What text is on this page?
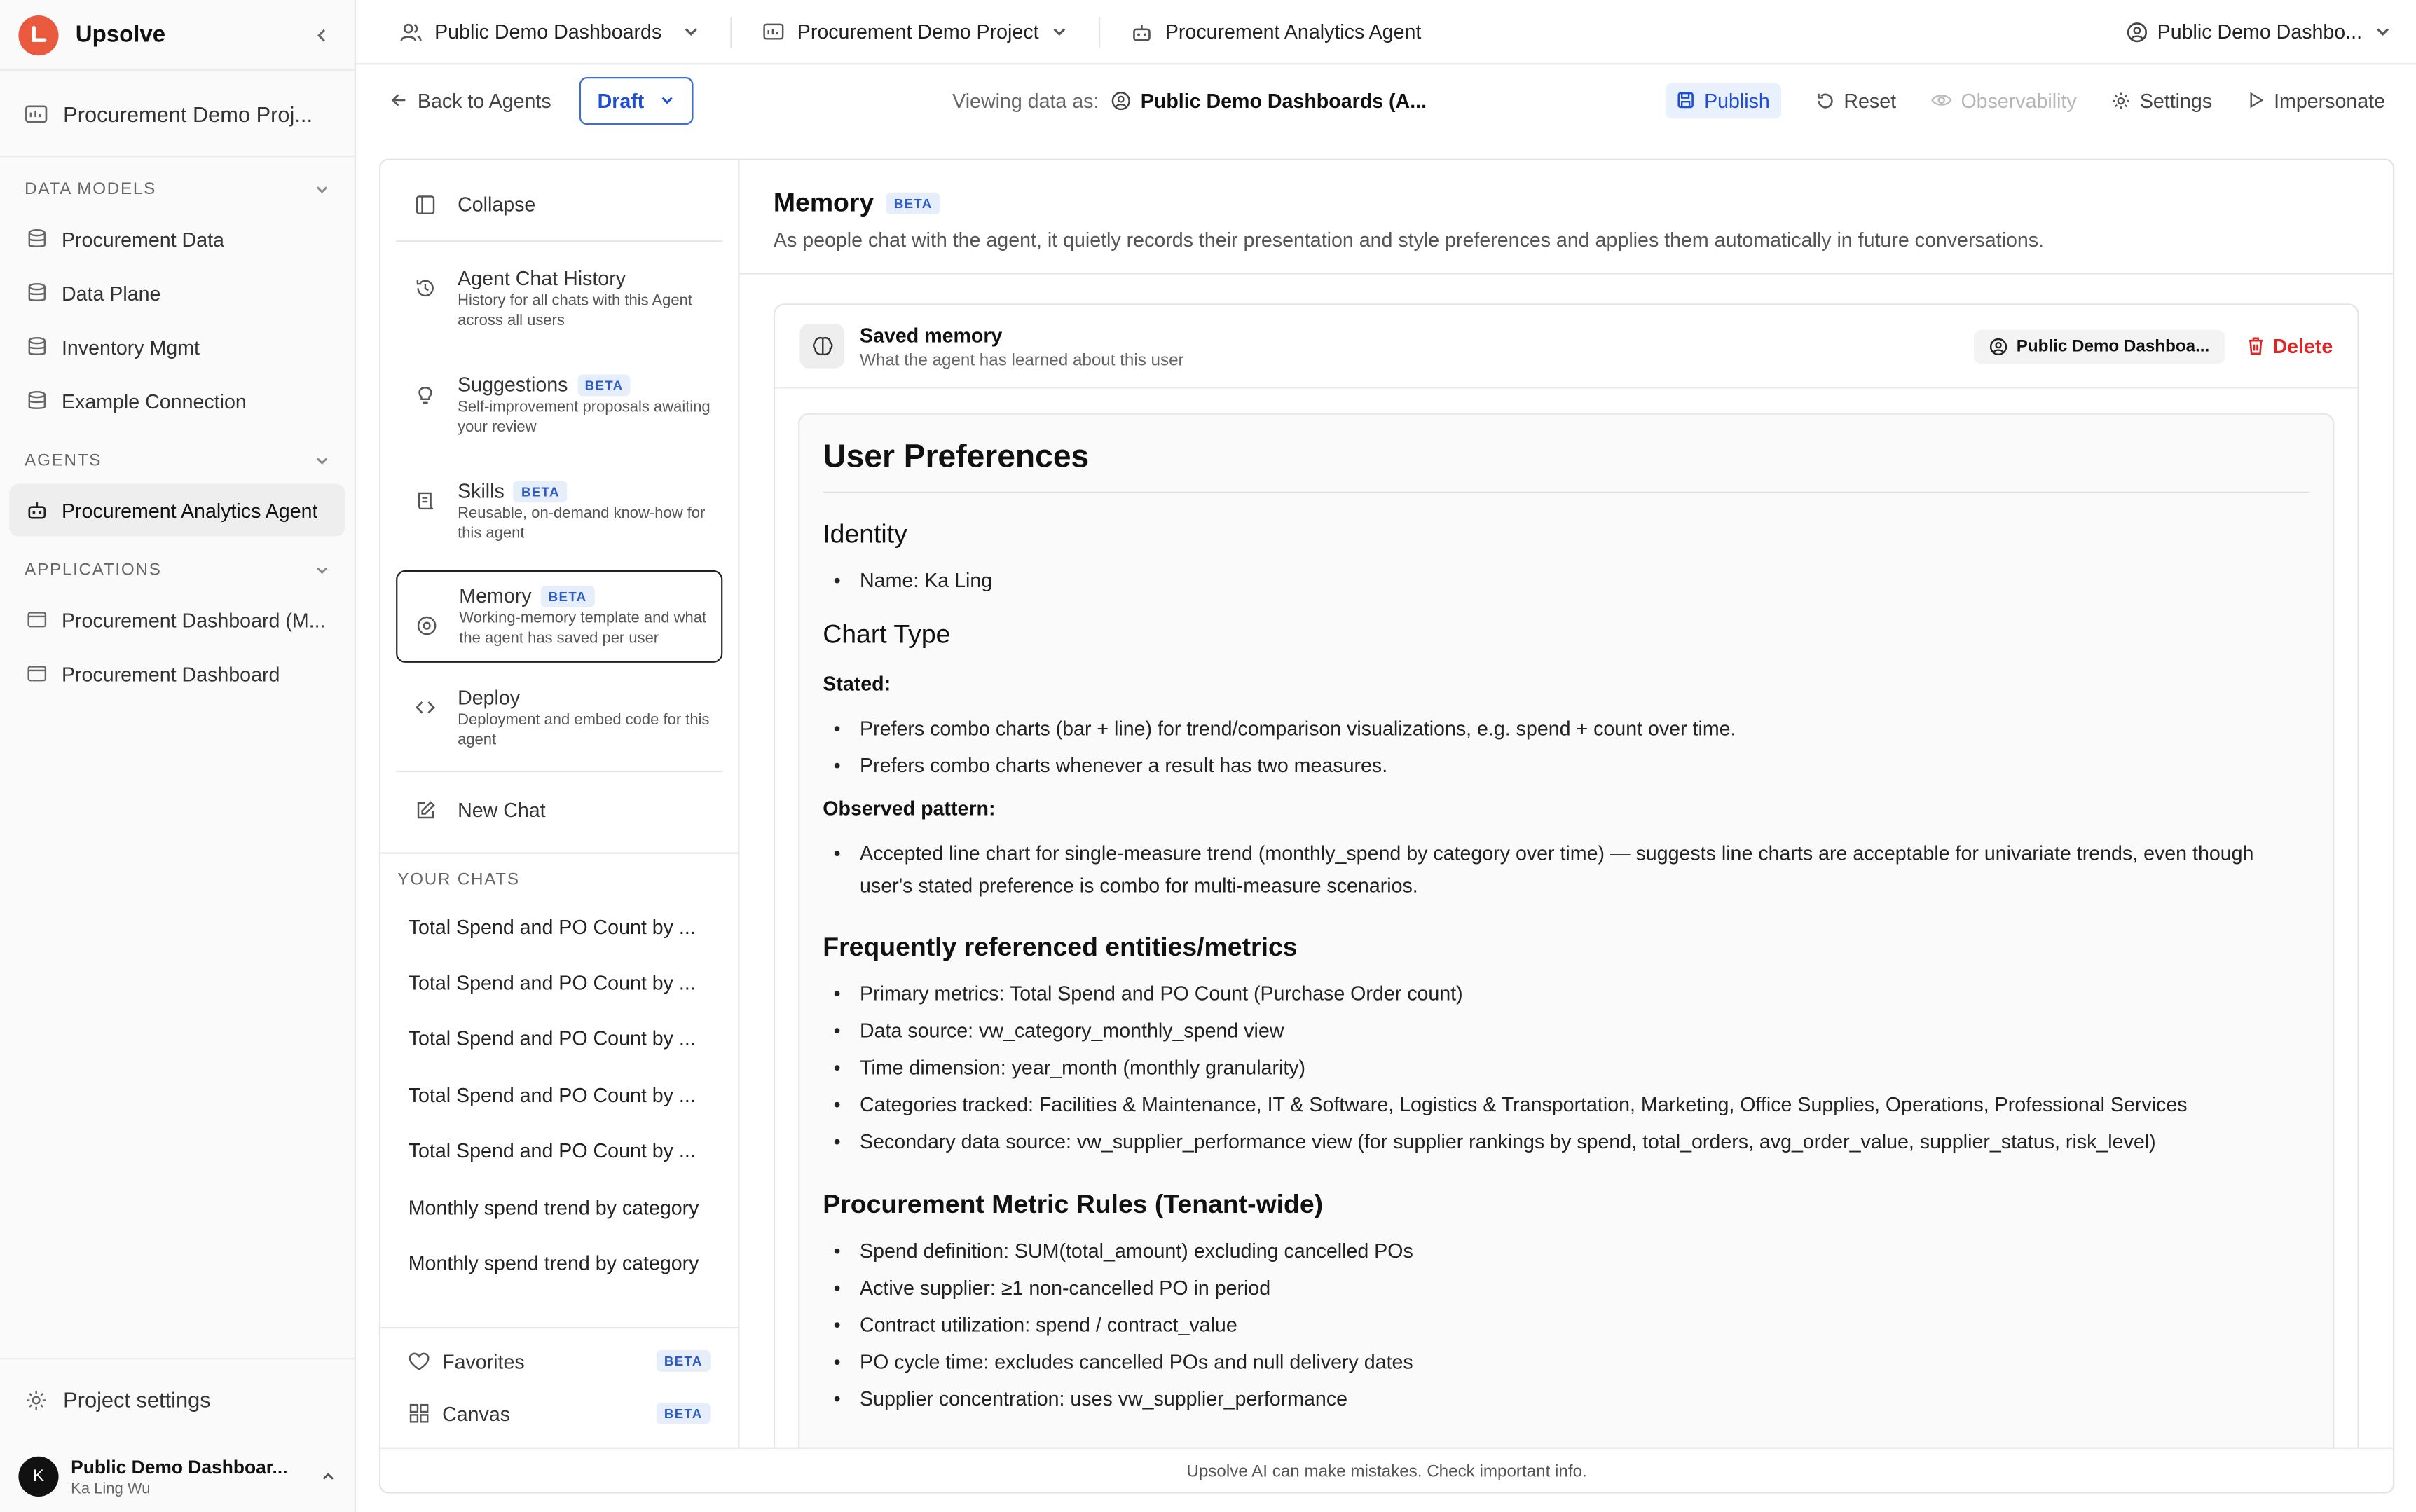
Upsolve
Procurement Demo Proj...
DATA MODELS
Procurement Data
Data Plane
Inventory Mgmt
Example Connection
AGENTS
Procurement Analytics Agent
APPLICATIONS
Procurement Dashboard (M...
Procurement Dashboard
Project settings
K	Public Demo Dashboar...
Ka Ling Wu
Public Demo Dashboards	Procurement Demo Project	Procurement Analytics Agent	Public Demo Dashbo...
Back to Agents	Draft	Viewing data as:	Public Demo Dashboards (A...	Publish	Reset	Observability	Settings	Impersonate
Collapse
Agent Chat History
History for all chats with this Agent across all users
Suggestions	BETA
Self-improvement proposals awaiting your review
Skills	BETA
Reusable, on-demand know-how for this agent
Memory	BETA
Working-memory template and what the agent has saved per user
Deploy
Deployment and embed code for this agent
New Chat
YOUR CHATS
Total Spend and PO Count by ...
Total Spend and PO Count by ...
Total Spend and PO Count by ...
Total Spend and PO Count by ...
Total Spend and PO Count by ...
Monthly spend trend by category
Monthly spend trend by category
Favorites	BETA
Canvas	BETA
Memory	BETA
As people chat with the agent, it quietly records their presentation and style preferences and applies them automatically in future conversations.
Saved memory
What the agent has learned about this user
Public Demo Dashboa...	Delete
User Preferences
Identity
• Name: Ka Ling
Chart Type
Stated:
• Prefers combo charts (bar + line) for trend/comparison visualizations, e.g. spend + count over time.
• Prefers combo charts whenever a result has two measures.
Observed pattern:
• Accepted line chart for single-measure trend (monthly_spend by category over time) — suggests line charts are acceptable for univariate trends, even though user's stated preference is combo for multi-measure scenarios.
Frequently referenced entities/metrics
• Primary metrics: Total Spend and PO Count (Purchase Order count)
• Data source: vw_category_monthly_spend view
• Time dimension: year_month (monthly granularity)
• Categories tracked: Facilities & Maintenance, IT & Software, Logistics & Transportation, Marketing, Office Supplies, Operations, Professional Services
• Secondary data source: vw_supplier_performance view (for supplier rankings by spend, total_orders, avg_order_value, supplier_status, risk_level)
Procurement Metric Rules (Tenant-wide)
• Spend definition: SUM(total_amount) excluding cancelled POs
• Active supplier: ≥1 non-cancelled PO in period
• Contract utilization: spend / contract_value
• PO cycle time: excludes cancelled POs and null delivery dates
• Supplier concentration: uses vw_supplier_performance
Upsolve AI can make mistakes. Check important info.
